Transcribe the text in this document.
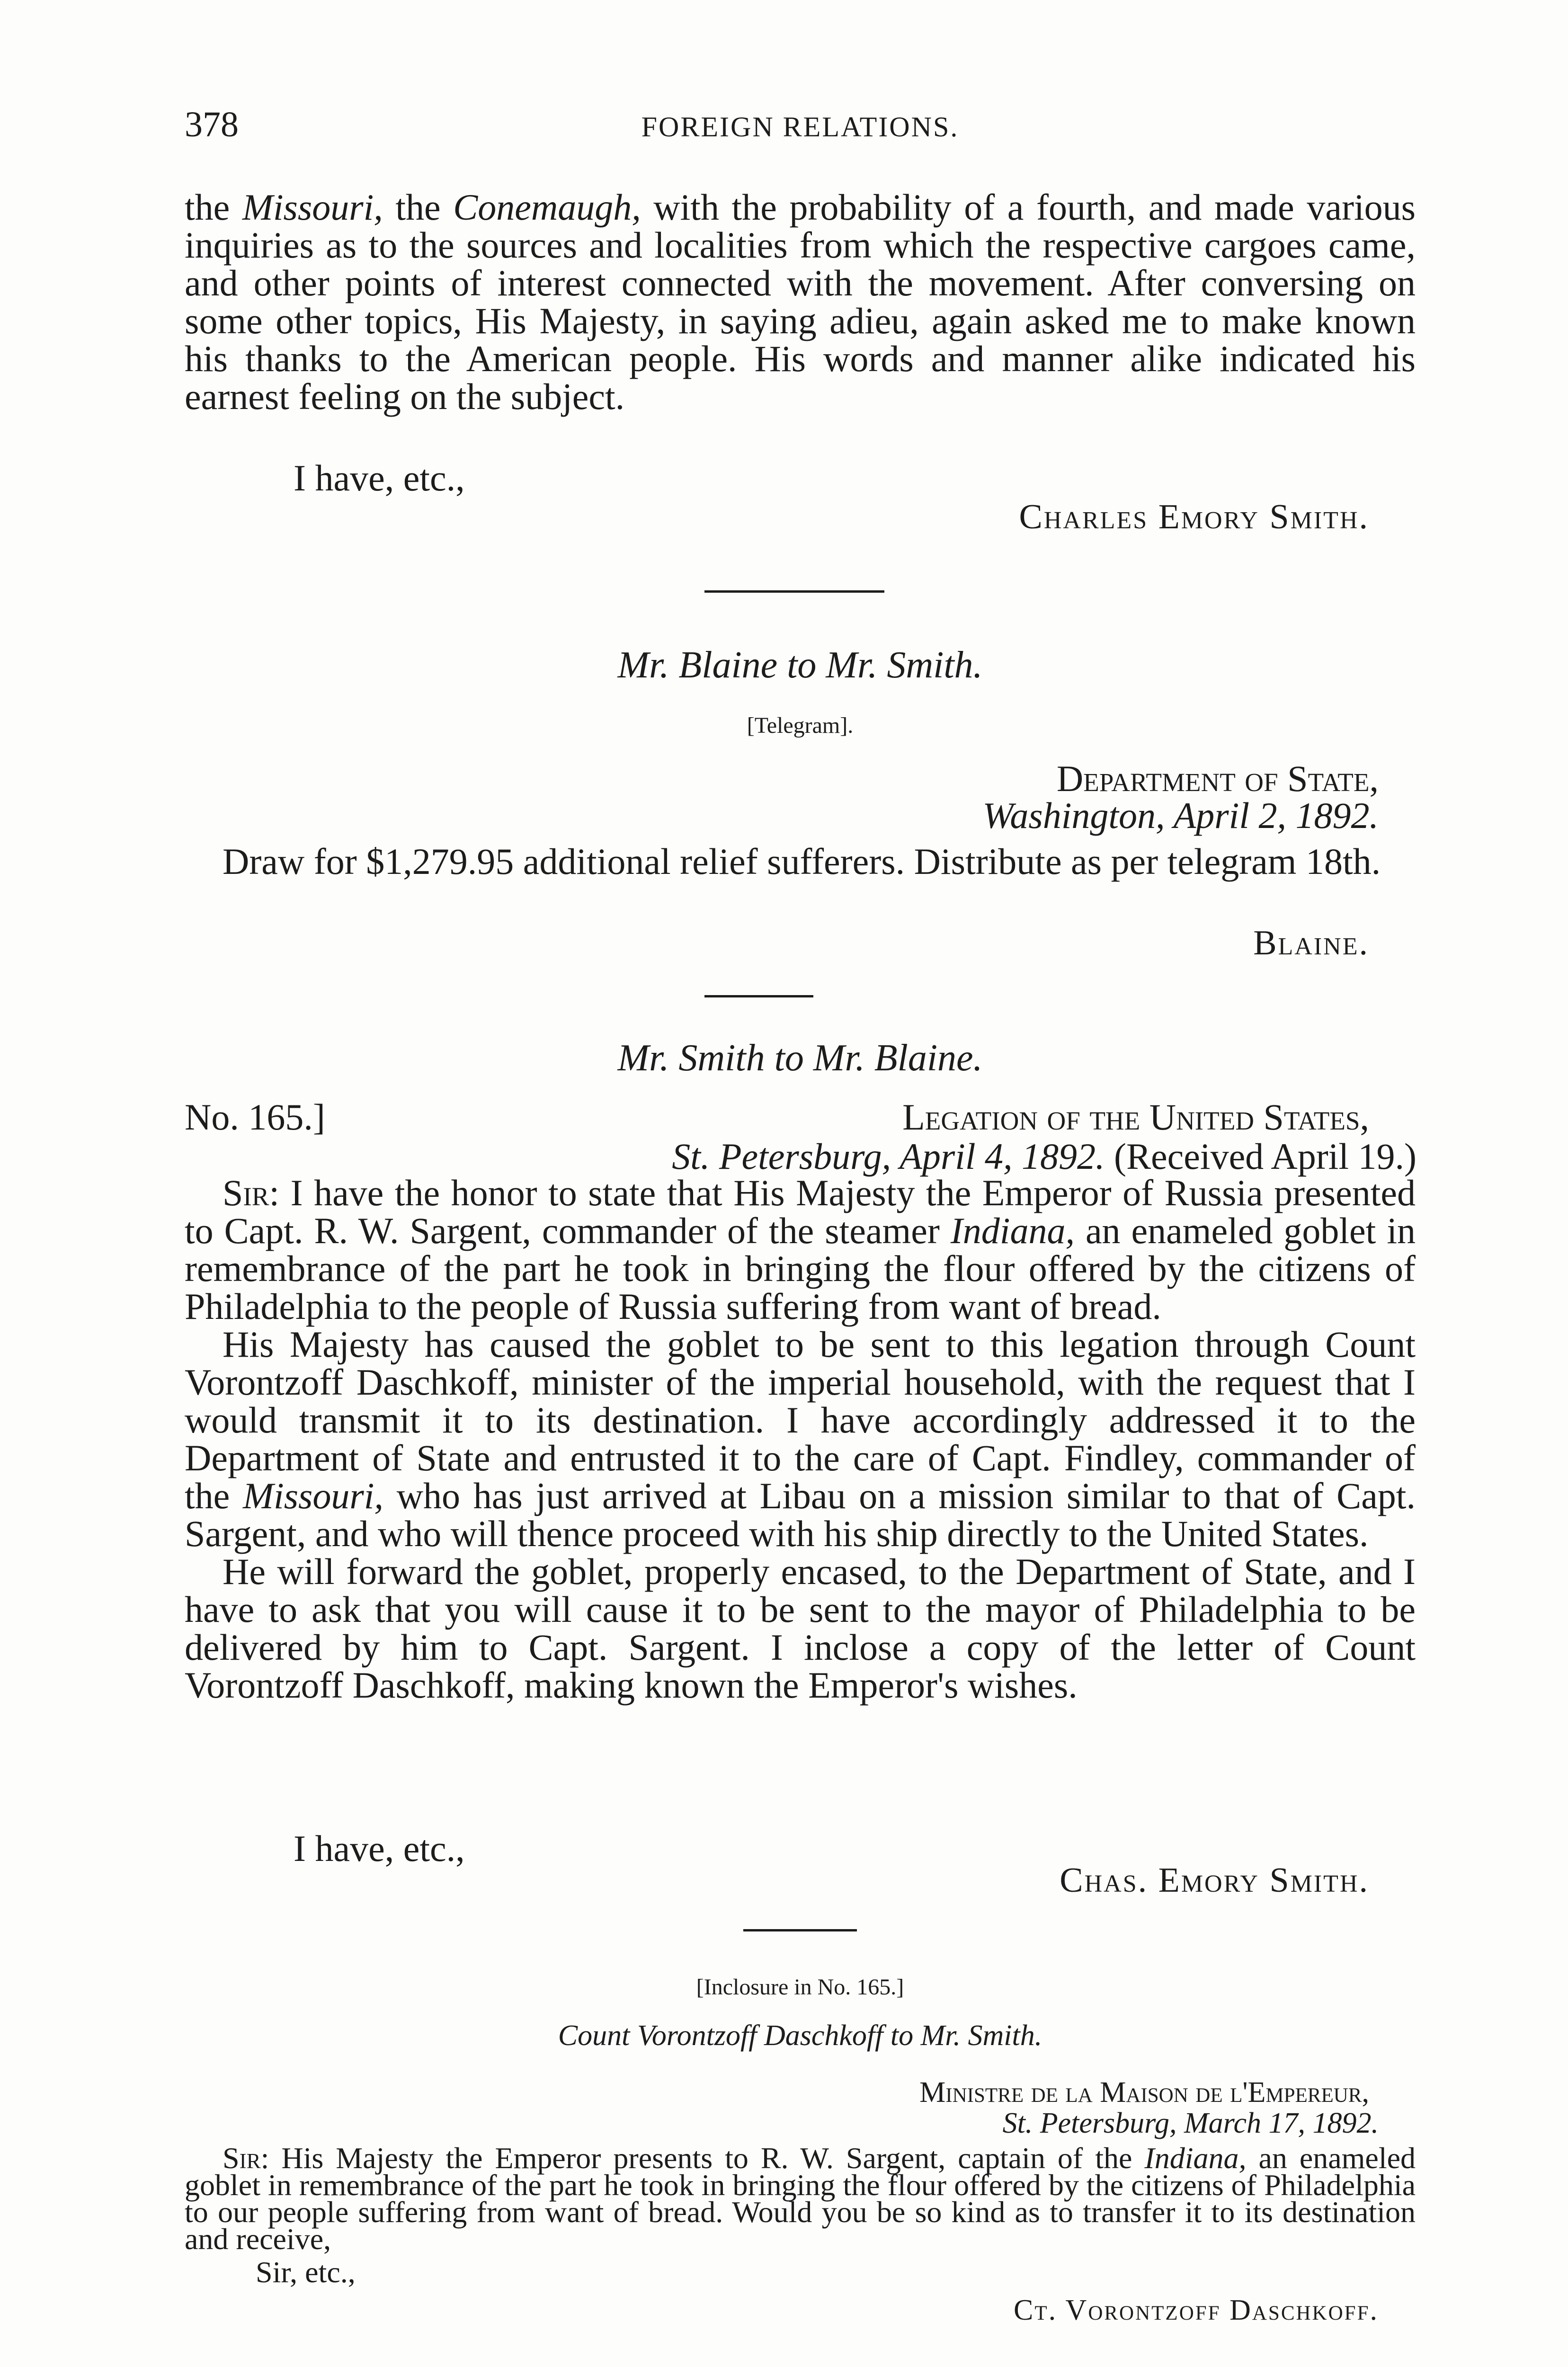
378	FOREIGN RELATIONS.

the Missouri, the Conemaugh, with the probability of a fourth, and made various inquiries as to the sources and localities from which the respective cargoes came, and other points of interest connected with the movement. After conversing on some other topics, His Majesty, in saying adieu, again asked me to make known his thanks to the American people. His words and manner alike indicated his earnest feeling on the subject.

I have, etc.,
Charles Emory Smith.
Mr. Blaine to Mr. Smith.
[Telegram].
Department of State,
Washington, April 2, 1892.

Draw for $1,279.95 additional relief sufferers. Distribute as per telegram 18th.

Blaine.
Mr. Smith to Mr. Blaine.
No. 165.]	Legation of the United States,
St. Petersburg, April 4, 1892. (Received April 19.)

Sir: I have the honor to state that His Majesty the Emperor of Russia presented to Capt. R. W. Sargent, commander of the steamer Indiana, an enameled goblet in remembrance of the part he took in bringing the flour offered by the citizens of Philadelphia to the people of Russia suffering from want of bread.

His Majesty has caused the goblet to be sent to this legation through Count Vorontzoff Daschkoff, minister of the imperial household, with the request that I would transmit it to its destination. I have accordingly addressed it to the Department of State and entrusted it to the care of Capt. Findley, commander of the Missouri, who has just arrived at Libau on a mission similar to that of Capt. Sargent, and who will thence proceed with his ship directly to the United States.

He will forward the goblet, properly encased, to the Department of State, and I have to ask that you will cause it to be sent to the mayor of Philadelphia to be delivered by him to Capt. Sargent. I inclose a copy of the letter of Count Vorontzoff Daschkoff, making known the Emperor's wishes.

I have, etc.,
Chas. Emory Smith.
[Inclosure in No. 165.]
Count Vorontzoff Daschkoff to Mr. Smith.
Ministre de la Maison de l'Empereur,
St. Petersburg, March 17, 1892.

Sir: His Majesty the Emperor presents to R. W. Sargent, captain of the Indiana, an enameled goblet in remembrance of the part he took in bringing the flour offered by the citizens of Philadelphia to our people suffering from want of bread. Would you be so kind as to transfer it to its destination and receive,

Sir, etc.,
Ct. Vorontzoff Daschkoff.
